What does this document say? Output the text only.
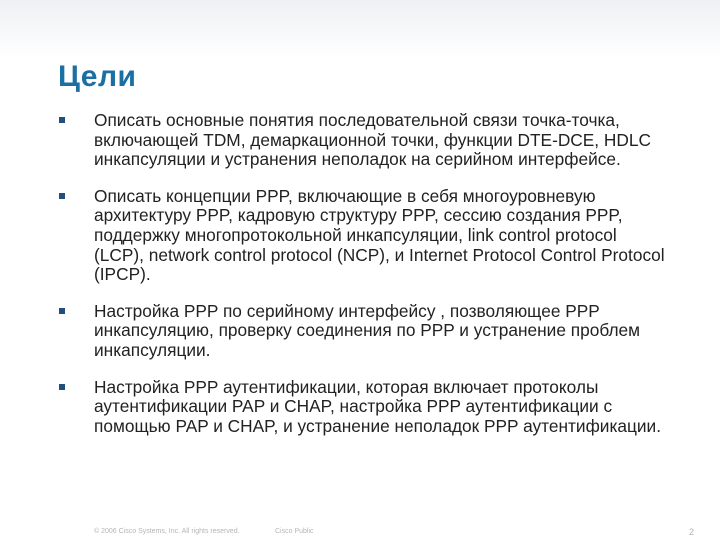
Цели
Описать основные понятия последовательной связи точка-точка, включающей TDM, демаркационной точки, функции DTE-DCE, HDLC инкапсуляции и устранения неполадок на серийном интерфейсе.
Описать концепции PPP, включающие в себя многоуровневую архитектуру PPP, кадровую структуру PPP, сессию создания PPP, поддержку многопротокольной инкапсуляции, link control protocol (LCP), network control protocol (NCP), и Internet Protocol Control Protocol (IPCP).
Настройка PPP по серийному интерфейсу , позволяющее PPP инкапсуляцию, проверку соединения по PPP и устранение проблем инкапсуляции.
Настройка PPP аутентификации, которая включает протоколы аутентификации PAP и CHAP, настройка PPP аутентификации с помощью PAP и CHAP, и устранение неполадок PPP аутентификации.
© 2006 Cisco Systems, Inc. All rights reserved.	Cisco Public	2
